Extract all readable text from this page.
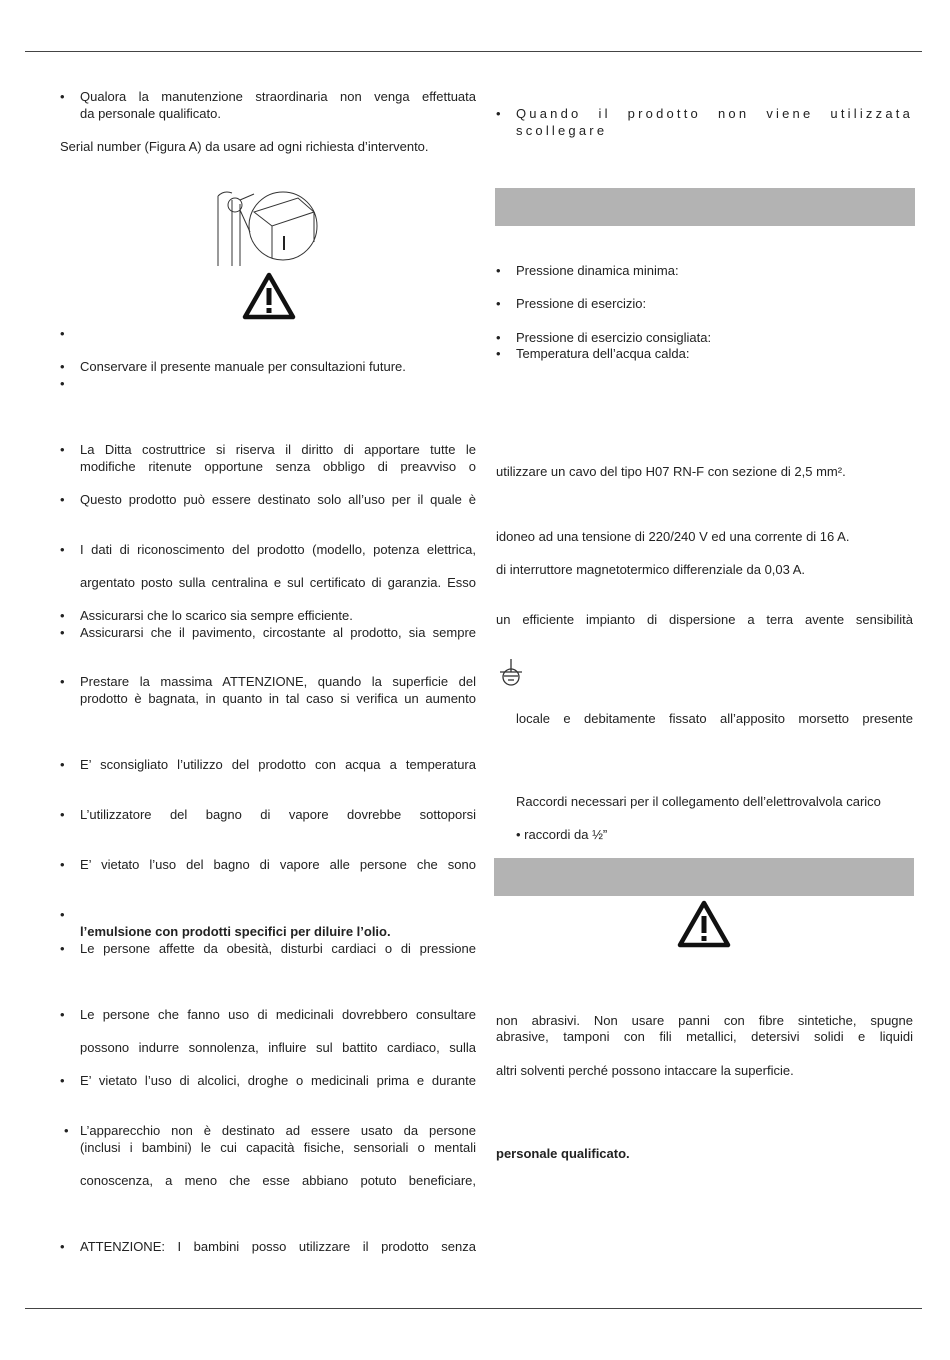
•	Qualora la manutenzione straordinaria non venga effettuata
da personale qualificato.
Serial number (Figura A) da usare ad ogni richiesta d’intervento.
•
•	Conservare il presente manuale per consultazioni future.
•
•	La Ditta costruttrice si riserva il diritto di apportare tutte le
modifiche ritenute opportune senza obbligo di preavviso o
•	Questo prodotto può essere destinato solo all’uso per il quale è
•	I dati di riconoscimento del prodotto (modello, potenza elettrica,
argentato posto sulla centralina e sul certificato di garanzia. Esso
•	Assicurarsi che lo scarico sia sempre efficiente.
•	Assicurarsi che il pavimento, circostante al prodotto, sia sempre
•	Prestare la massima ATTENZIONE, quando la superficie del
prodotto è bagnata, in quanto in tal caso si verifica un aumento
•	E’ sconsigliato l’utilizzo del prodotto con acqua a temperatura
•	L’utilizzatore del bagno di vapore dovrebbe sottoporsi
•	E’ vietato l’uso del bagno di vapore alle persone che sono
•
l’emulsione con prodotti specifici per diluire l’olio.
•	Le persone affette da obesità, disturbi cardiaci o di pressione
•	Le persone che fanno uso di medicinali dovrebbero consultare
possono indurre sonnolenza, influire sul battito cardiaco, sulla
•	E’ vietato l’uso di alcolici, droghe o medicinali prima e durante
• L’apparecchio non è destinato ad essere usato da persone
(inclusi i bambini) le cui capacità fisiche, sensoriali o mentali
conoscenza, a meno che esse abbiano potuto beneficiare,
•	ATTENZIONE: I bambini posso utilizzare il prodotto senza
•	Quando il prodotto non viene utilizzata scollegare
•	Pressione dinamica minima:
•	Pressione di esercizio:
•	Pressione di esercizio consigliata:
•	Temperatura dell’acqua calda:
utilizzare un cavo del tipo H07 RN-F con sezione di 2,5 mm².
idoneo ad una tensione di 220/240 V ed una corrente di 16 A.
di interruttore magnetotermico differenziale da 0,03 A.
un efficiente impianto di dispersione a terra avente sensibilità
locale e debitamente fissato all’apposito morsetto presente
Raccordi necessari per il collegamento dell’elettrovalvola carico
• raccordi da ½”
non abrasivi. Non usare panni con fibre sintetiche, spugne
abrasive, tamponi con fili metallici, detersivi solidi e liquidi
altri solventi perché possono intaccare la superficie.
personale qualificato.
